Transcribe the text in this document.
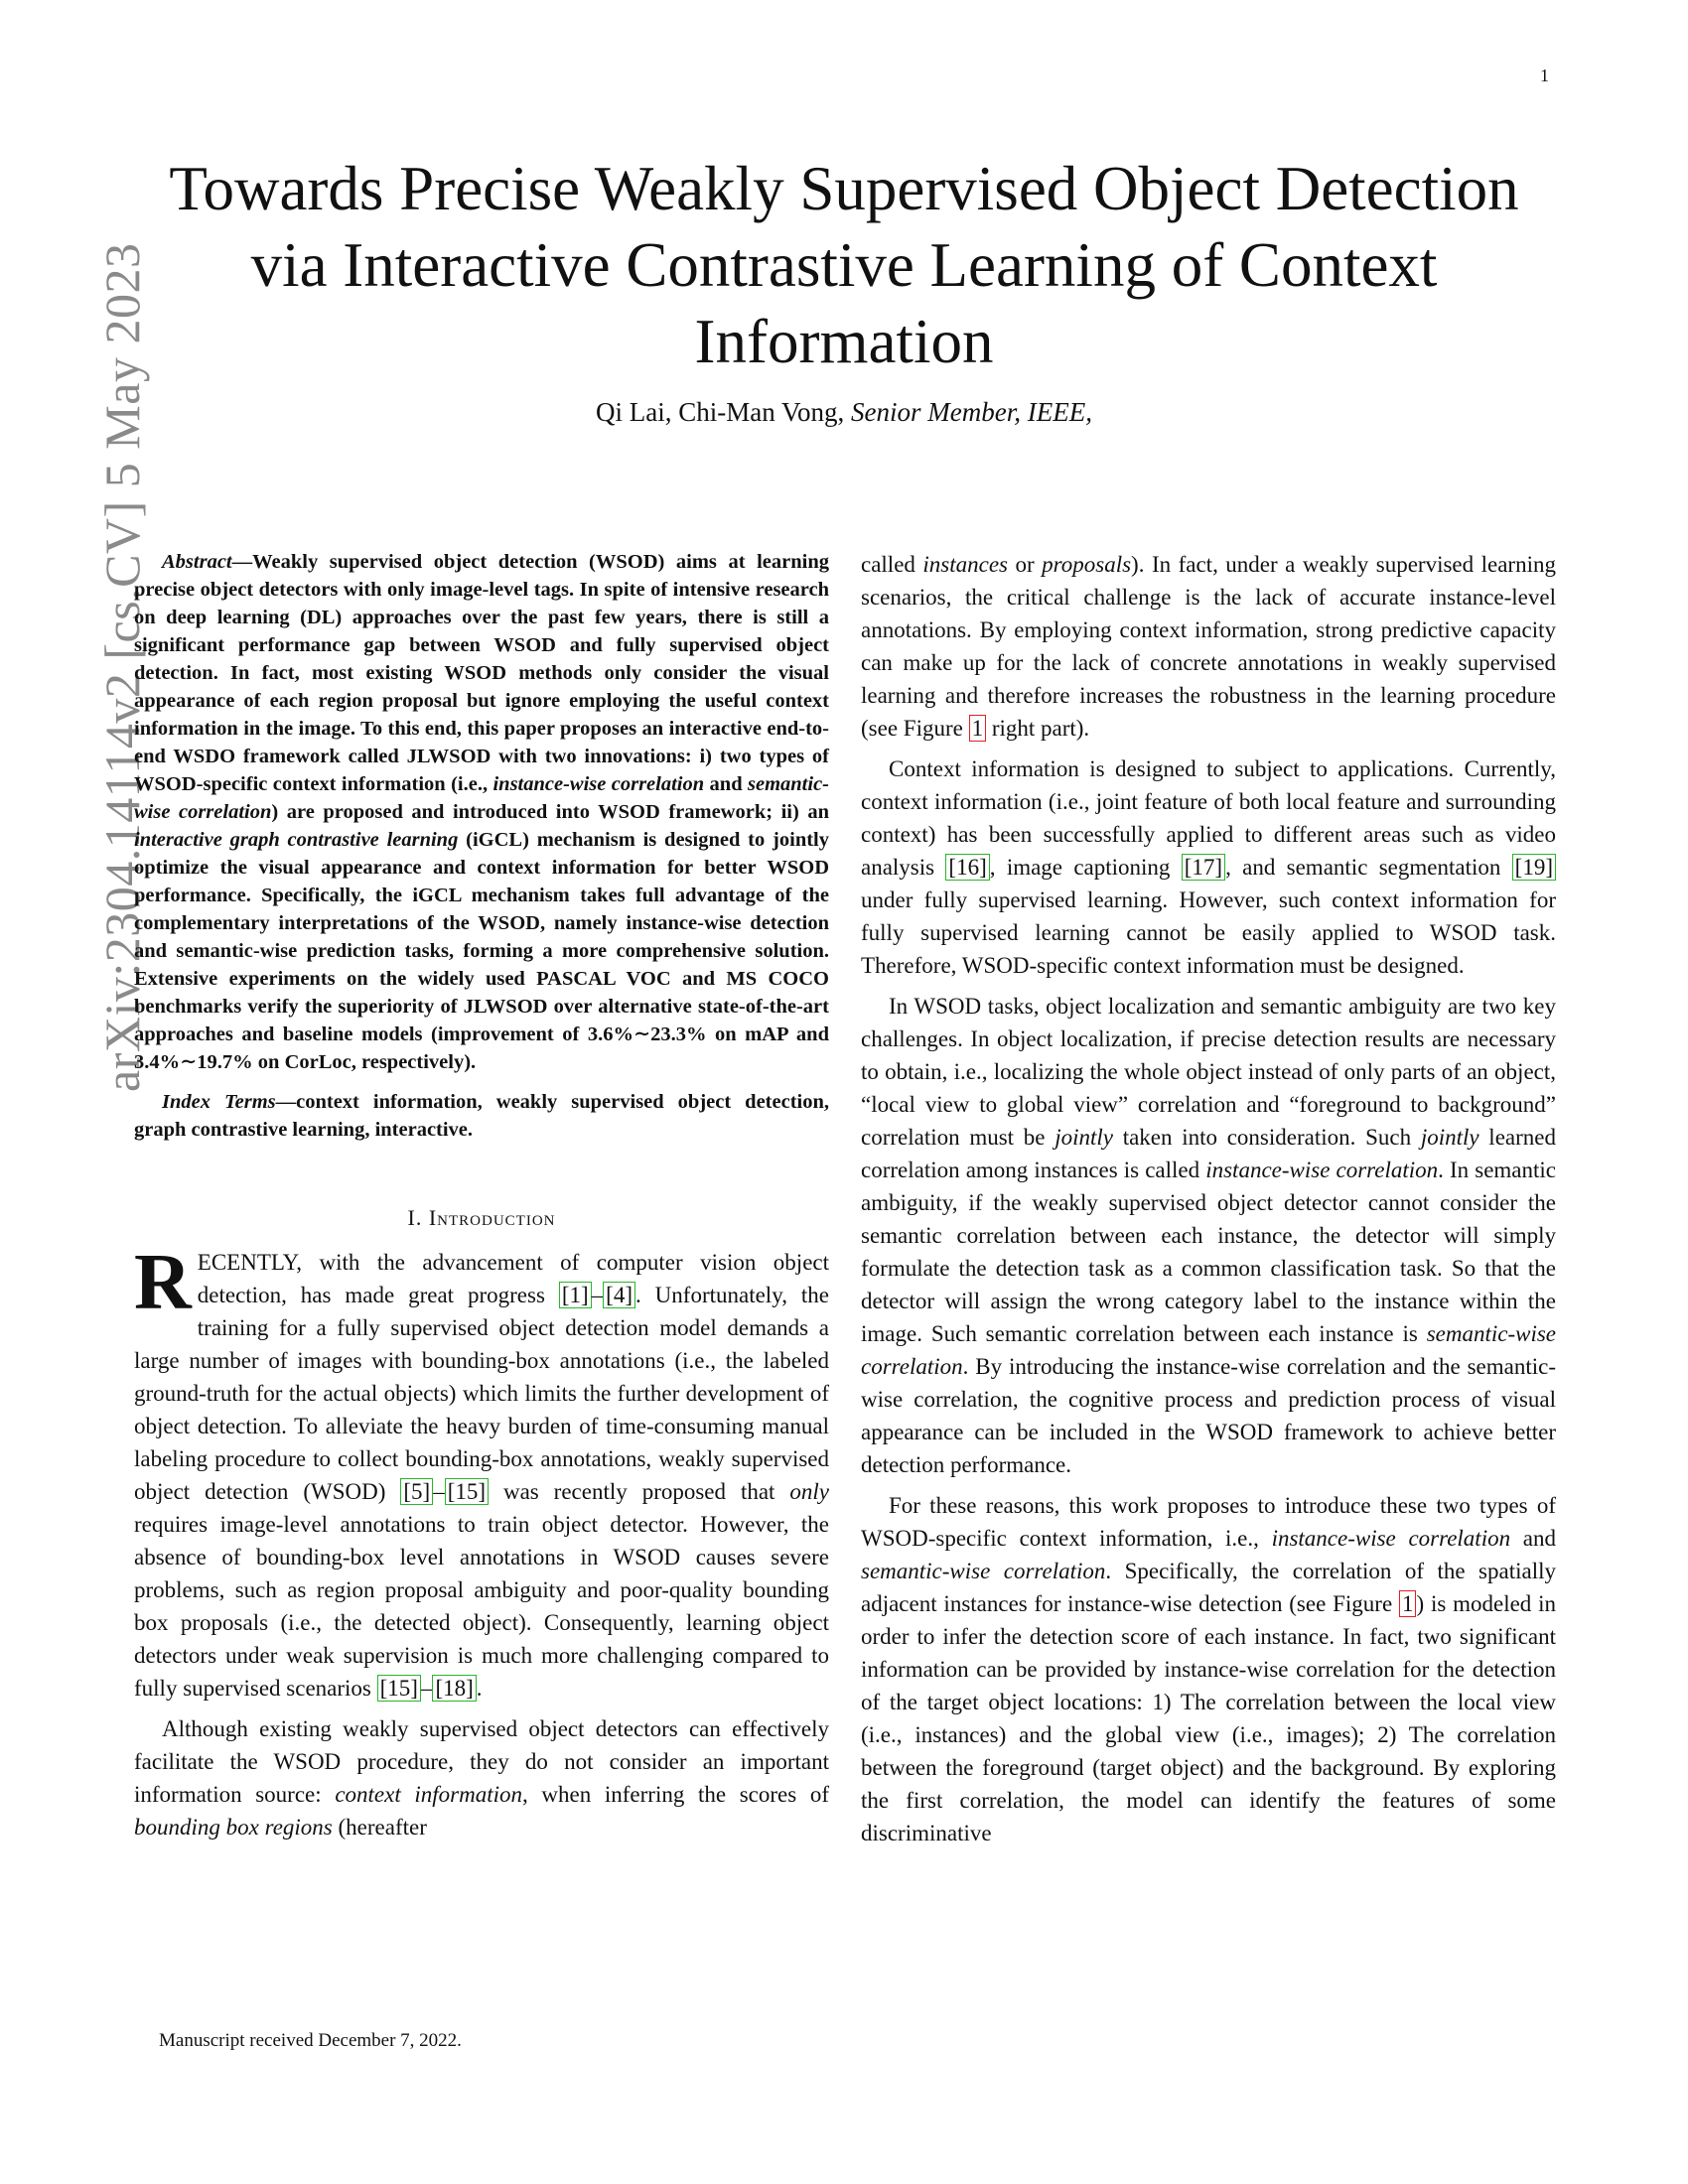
1
arXiv:2304.14114v2 [cs.CV] 5 May 2023
Towards Precise Weakly Supervised Object Detection via Interactive Contrastive Learning of Context Information
Qi Lai, Chi-Man Vong, Senior Member, IEEE,

Abstract—Weakly supervised object detection (WSOD) aims at learning precise object detectors with only image-level tags. In spite of intensive research on deep learning (DL) approaches over the past few years, there is still a significant performance gap between WSOD and fully supervised object detection. In fact, most existing WSOD methods only consider the visual appearance of each region proposal but ignore employing the useful context information in the image. To this end, this paper proposes an interactive end-to-end WSDO framework called JLWSOD with two innovations: i) two types of WSOD-specific context information (i.e., instance-wise correlation and semantic-wise correlation) are proposed and introduced into WSOD framework; ii) an interactive graph contrastive learning (iGCL) mechanism is designed to jointly optimize the visual appearance and context information for better WSOD performance. Specifically, the iGCL mechanism takes full advantage of the complementary interpretations of the WSOD, namely instance-wise detection and semantic-wise prediction tasks, forming a more comprehensive solution. Extensive experiments on the widely used PASCAL VOC and MS COCO benchmarks verify the superiority of JLWSOD over alternative state-of-the-art approaches and baseline models (improvement of 3.6%∼23.3% on mAP and 3.4%∼19.7% on CorLoc, respectively).

Index Terms—context information, weakly supervised object detection, graph contrastive learning, interactive.

I. Introduction

RECENTLY, with the advancement of computer vision object detection, has made great progress [1] – [4] . Unfortunately, the training for a fully supervised object detection model demands a large number of images with bounding-box annotations (i.e., the labeled ground-truth for the actual objects) which limits the further development of object detection. To alleviate the heavy burden of time-consuming manual labeling procedure to collect bounding-box annotations, weakly supervised object detection (WSOD) [5] – [15] was recently proposed that only requires image-level annotations to train object detector. However, the absence of bounding-box level annotations in WSOD causes severe problems, such as region proposal ambiguity and poor-quality bounding box proposals (i.e., the detected object). Consequently, learning object detectors under weak supervision is much more challenging compared to fully supervised scenarios [15] – [18] .

Although existing weakly supervised object detectors can effectively facilitate the WSOD procedure, they do not consider an important information source: context information, when inferring the scores of bounding box regions (hereafter

called instances or proposals). In fact, under a weakly supervised learning scenarios, the critical challenge is the lack of accurate instance-level annotations. By employing context information, strong predictive capacity can make up for the lack of concrete annotations in weakly supervised learning and therefore increases the robustness in the learning procedure (see Figure 1 right part).

Context information is designed to subject to applications. Currently, context information (i.e., joint feature of both local feature and surrounding context) has been successfully applied to different areas such as video analysis [16] , image captioning [17] , and semantic segmentation [19] under fully supervised learning. However, such context information for fully supervised learning cannot be easily applied to WSOD task. Therefore, WSOD-specific context information must be designed.

In WSOD tasks, object localization and semantic ambiguity are two key challenges. In object localization, if precise detection results are necessary to obtain, i.e., localizing the whole object instead of only parts of an object, “local view to global view” correlation and “foreground to background” correlation must be jointly taken into consideration. Such jointly learned correlation among instances is called instance-wise correlation. In semantic ambiguity, if the weakly supervised object detector cannot consider the semantic correlation between each instance, the detector will simply formulate the detection task as a common classification task. So that the detector will assign the wrong category label to the instance within the image. Such semantic correlation between each instance is semantic-wise correlation. By introducing the instance-wise correlation and the semantic-wise correlation, the cognitive process and prediction process of visual appearance can be included in the WSOD framework to achieve better detection performance.

For these reasons, this work proposes to introduce these two types of WSOD-specific context information, i.e., instance-wise correlation and semantic-wise correlation. Specifically, the correlation of the spatially adjacent instances for instance-wise detection (see Figure 1 ) is modeled in order to infer the detection score of each instance. In fact, two significant information can be provided by instance-wise correlation for the detection of the target object locations: 1) The correlation between the local view (i.e., instances) and the global view (i.e., images); 2) The correlation between the foreground (target object) and the background. By exploring the first correlation, the model can identify the features of some discriminative

Manuscript received December 7, 2022.
